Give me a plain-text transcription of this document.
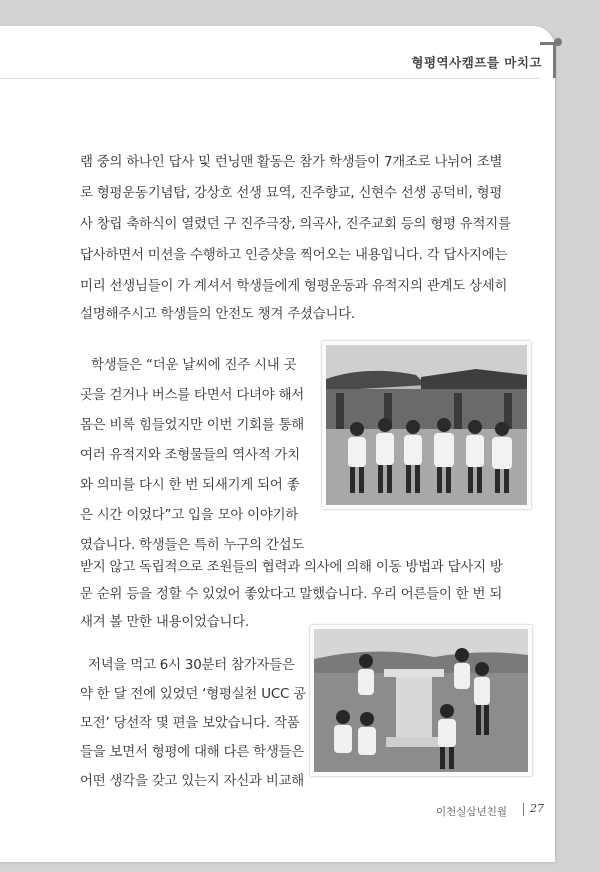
형평역사캠프를 마치고
램 중의 하나인 답사 및 런닝맨 활동은 참가 학생들이 7개조로 나뉘어 조별
로 형평운동기념탑, 강상호 선생 묘역, 진주향교, 신현수 선생 공덕비, 형평
사 창립 축하식이 열렸던 구 진주극장, 의곡사, 진주교회 등의 형평 유적지를
답사하면서 미션을 수행하고 인증샷을 찍어오는 내용입니다. 각 답사지에는
미리 선생님들이 가 계셔서 학생들에게 형평운동과 유적지의 관계도 상세히
설명해주시고 학생들의 안전도 챙겨 주셨습니다.
학생들은 “더운 날씨에 진주 시내 곳
곳을 걷거나 버스를 타면서 다녀야 해서
몸은 비록 힘들었지만 이번 기회를 통해
여러 유적지와 조형물들의 역사적 가치
와 의미를 다시 한 번 되새기게 되어 좋
은 시간 이었다”고 입을 모아 이야기하
였습니다. 학생들은 특히 누구의 간섭도
받지 않고 독립적으로 조원들의 협력과 의사에 의해 이동 방법과 답사지 방
문 순위 등을 정할 수 있었어 좋았다고 말했습니다. 우리 어른들이 한 번 되
새겨 볼 만한 내용이었습니다.
저녁을 먹고 6시 30분터 참가자들은
약 한 달 전에 있었던 ‘형평실천 UCC 공
모전’ 당선작 몇 편을 보았습니다. 작품
들을 보면서 형평에 대해 다른 학생들은
어떤 생각을 갖고 있는지 자신과 비교해
이천실삼년친월 27
